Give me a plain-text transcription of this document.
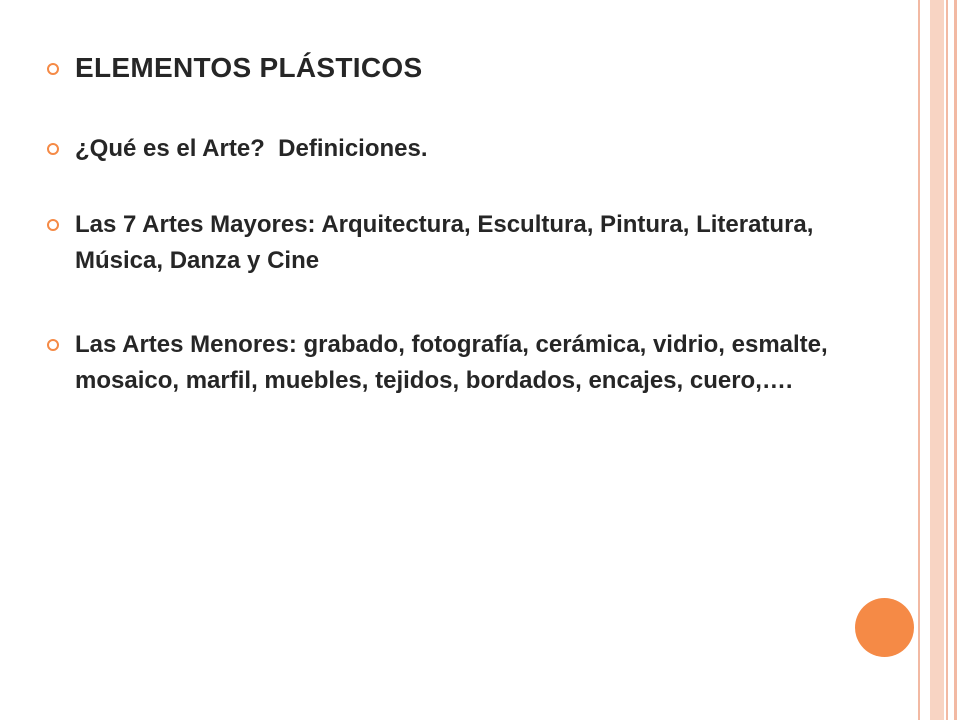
ELEMENTOS PLÁSTICOS
¿Qué es el Arte?  Definiciones.
Las 7 Artes Mayores: Arquitectura, Escultura, Pintura, Literatura, Música, Danza y Cine
Las Artes Menores: grabado, fotografía, cerámica, vidrio, esmalte, mosaico, marfil, muebles, tejidos, bordados, encajes, cuero,….
